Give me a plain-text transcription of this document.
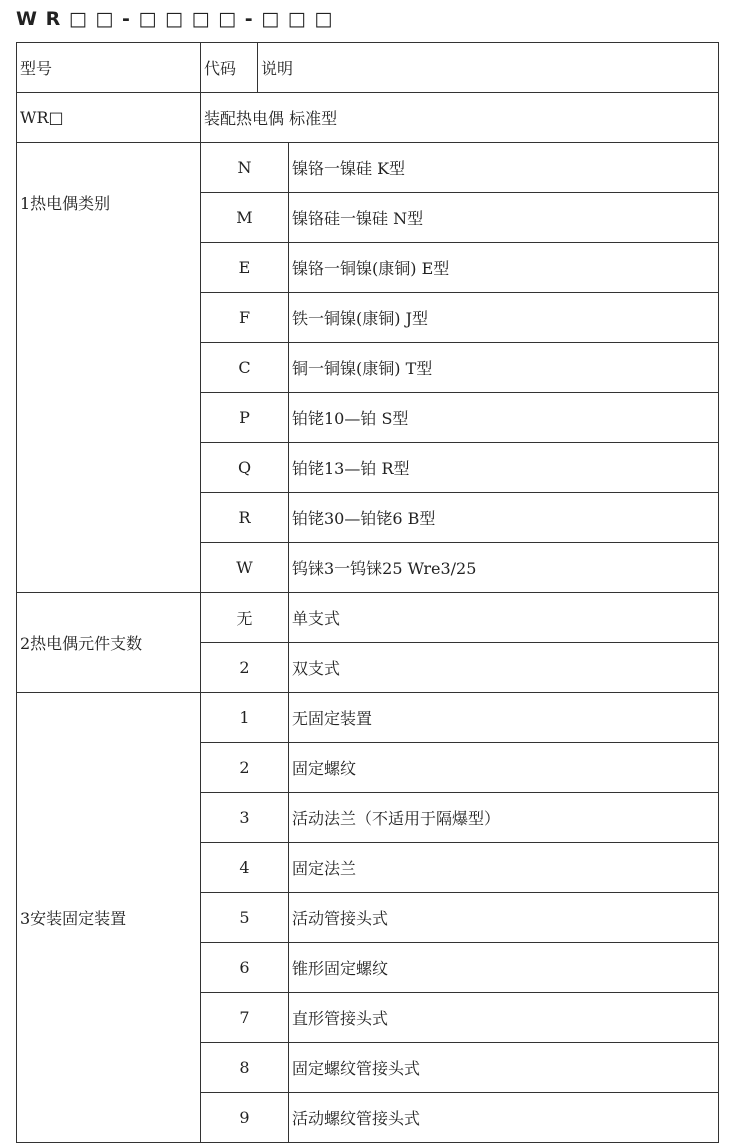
W R □ □ - □ □ □ □ - □ □ □
型号	代码	说明	
WR□	装配热电偶 标准型		
1热电偶类别	N		镍铬一镍硅 K型
	M		镍铬硅一镍硅 N型
	E		镍铬一铜镍(康铜) E型
	F		铁一铜镍(康铜) J型
	C		铜一铜镍(康铜) T型
	P		铂铑10—铂 S型
	Q		铂铑13—铂 R型
	R		铂铑30—铂铑6 B型
	W		钨铼3一钨铼25 Wre3/25
2热电偶元件支数	无		单支式
	2		双支式
3安装固定装置	1		无固定装置
	2		固定螺纹
	3		活动法兰（不适用于隔爆型）
	4		固定法兰
	5		活动管接头式
	6		锥形固定螺纹
	7		直形管接头式
	8		固定螺纹管接头式
	9		活动螺纹管接头式
